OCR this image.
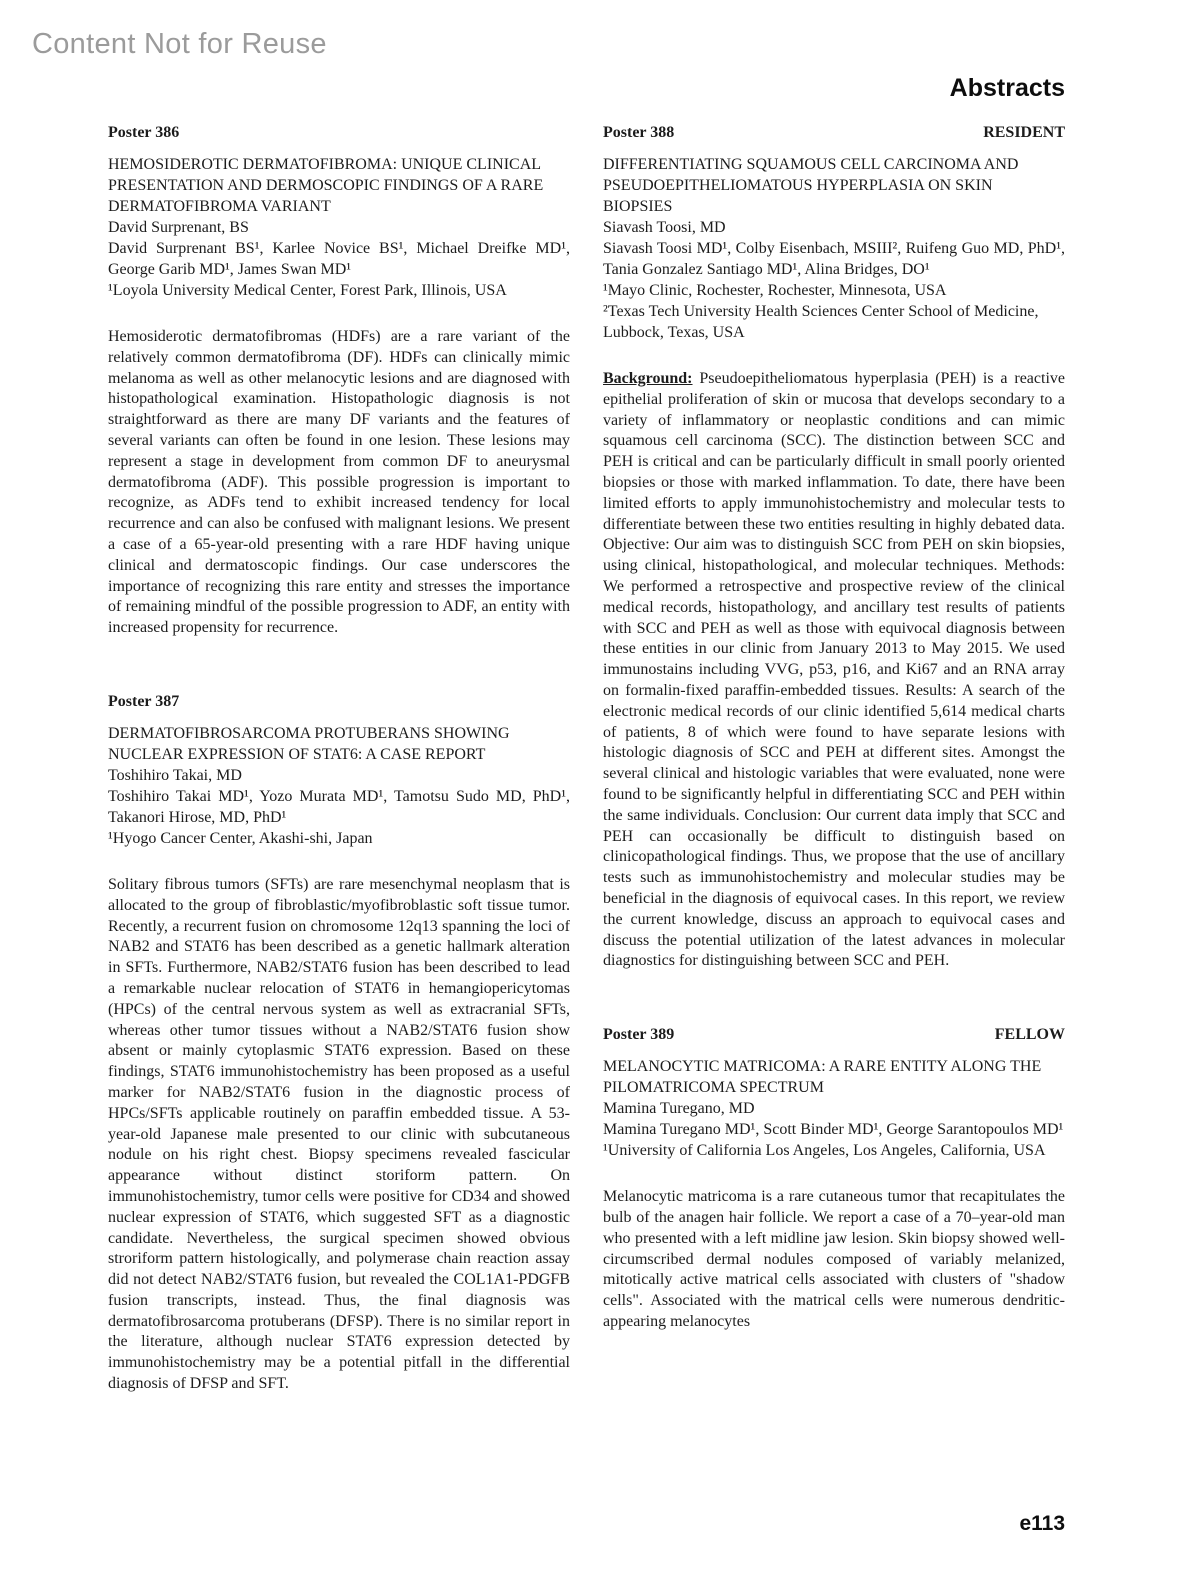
Content Not for Reuse
Abstracts
Poster 386
HEMOSIDEROTIC DERMATOFIBROMA: UNIQUE CLINICAL PRESENTATION AND DERMOSCOPIC FINDINGS OF A RARE DERMATOFIBROMA VARIANT
David Surprenant, BS
David Surprenant BS¹, Karlee Novice BS¹, Michael Dreifke MD¹, George Garib MD¹, James Swan MD¹
¹Loyola University Medical Center, Forest Park, Illinois, USA
Hemosiderotic dermatofibromas (HDFs) are a rare variant of the relatively common dermatofibroma (DF). HDFs can clinically mimic melanoma as well as other melanocytic lesions and are diagnosed with histopathological examination. Histopathologic diagnosis is not straightforward as there are many DF variants and the features of several variants can often be found in one lesion. These lesions may represent a stage in development from common DF to aneurysmal dermatofibroma (ADF). This possible progression is important to recognize, as ADFs tend to exhibit increased tendency for local recurrence and can also be confused with malignant lesions. We present a case of a 65-year-old presenting with a rare HDF having unique clinical and dermatoscopic findings. Our case underscores the importance of recognizing this rare entity and stresses the importance of remaining mindful of the possible progression to ADF, an entity with increased propensity for recurrence.
Poster 387
DERMATOFIBROSARCOMA PROTUBERANS SHOWING NUCLEAR EXPRESSION OF STAT6: A CASE REPORT
Toshihiro Takai, MD
Toshihiro Takai MD¹, Yozo Murata MD¹, Tamotsu Sudo MD, PhD¹, Takanori Hirose, MD, PhD¹
¹Hyogo Cancer Center, Akashi-shi, Japan
Solitary fibrous tumors (SFTs) are rare mesenchymal neoplasm that is allocated to the group of fibroblastic/myofibroblastic soft tissue tumor. Recently, a recurrent fusion on chromosome 12q13 spanning the loci of NAB2 and STAT6 has been described as a genetic hallmark alteration in SFTs. Furthermore, NAB2/STAT6 fusion has been described to lead a remarkable nuclear relocation of STAT6 in hemangiopericytomas (HPCs) of the central nervous system as well as extracranial SFTs, whereas other tumor tissues without a NAB2/STAT6 fusion show absent or mainly cytoplasmic STAT6 expression. Based on these findings, STAT6 immunohistochemistry has been proposed as a useful marker for NAB2/STAT6 fusion in the diagnostic process of HPCs/SFTs applicable routinely on paraffin embedded tissue. A 53-year-old Japanese male presented to our clinic with subcutaneous nodule on his right chest. Biopsy specimens revealed fascicular appearance without distinct storiform pattern. On immunohistochemistry, tumor cells were positive for CD34 and showed nuclear expression of STAT6, which suggested SFT as a diagnostic candidate. Nevertheless, the surgical specimen showed obvious stroriform pattern histologically, and polymerase chain reaction assay did not detect NAB2/STAT6 fusion, but revealed the COL1A1-PDGFB fusion transcripts, instead. Thus, the final diagnosis was dermatofibrosarcoma protuberans (DFSP). There is no similar report in the literature, although nuclear STAT6 expression detected by immunohistochemistry may be a potential pitfall in the differential diagnosis of DFSP and SFT.
Poster 388	RESIDENT
DIFFERENTIATING SQUAMOUS CELL CARCINOMA AND PSEUDOEPITHELIOMATOUS HYPERPLASIA ON SKIN BIOPSIES
Siavash Toosi, MD
Siavash Toosi MD¹, Colby Eisenbach, MSIII², Ruifeng Guo MD, PhD¹, Tania Gonzalez Santiago MD¹, Alina Bridges, DO¹
¹Mayo Clinic, Rochester, Rochester, Minnesota, USA
²Texas Tech University Health Sciences Center School of Medicine, Lubbock, Texas, USA
Background: Pseudoepitheliomatous hyperplasia (PEH) is a reactive epithelial proliferation of skin or mucosa that develops secondary to a variety of inflammatory or neoplastic conditions and can mimic squamous cell carcinoma (SCC). The distinction between SCC and PEH is critical and can be particularly difficult in small poorly oriented biopsies or those with marked inflammation. To date, there have been limited efforts to apply immunohistochemistry and molecular tests to differentiate between these two entities resulting in highly debated data. Objective: Our aim was to distinguish SCC from PEH on skin biopsies, using clinical, histopathological, and molecular techniques. Methods: We performed a retrospective and prospective review of the clinical medical records, histopathology, and ancillary test results of patients with SCC and PEH as well as those with equivocal diagnosis between these entities in our clinic from January 2013 to May 2015. We used immunostains including VVG, p53, p16, and Ki67 and an RNA array on formalin-fixed paraffin-embedded tissues. Results: A search of the electronic medical records of our clinic identified 5,614 medical charts of patients, 8 of which were found to have separate lesions with histologic diagnosis of SCC and PEH at different sites. Amongst the several clinical and histologic variables that were evaluated, none were found to be significantly helpful in differentiating SCC and PEH within the same individuals. Conclusion: Our current data imply that SCC and PEH can occasionally be difficult to distinguish based on clinicopathological findings. Thus, we propose that the use of ancillary tests such as immunohistochemistry and molecular studies may be beneficial in the diagnosis of equivocal cases. In this report, we review the current knowledge, discuss an approach to equivocal cases and discuss the potential utilization of the latest advances in molecular diagnostics for distinguishing between SCC and PEH.
Poster 389	FELLOW
MELANOCYTIC MATRICOMA: A RARE ENTITY ALONG THE PILOMATRICOMA SPECTRUM
Mamina Turegano, MD
Mamina Turegano MD¹, Scott Binder MD¹, George Sarantopoulos MD¹
¹University of California Los Angeles, Los Angeles, California, USA
Melanocytic matricoma is a rare cutaneous tumor that recapitulates the bulb of the anagen hair follicle. We report a case of a 70–year-old man who presented with a left midline jaw lesion. Skin biopsy showed well-circumscribed dermal nodules composed of variably melanized, mitotically active matrical cells associated with clusters of "shadow cells". Associated with the matrical cells were numerous dendritic-appearing melanocytes
e113
